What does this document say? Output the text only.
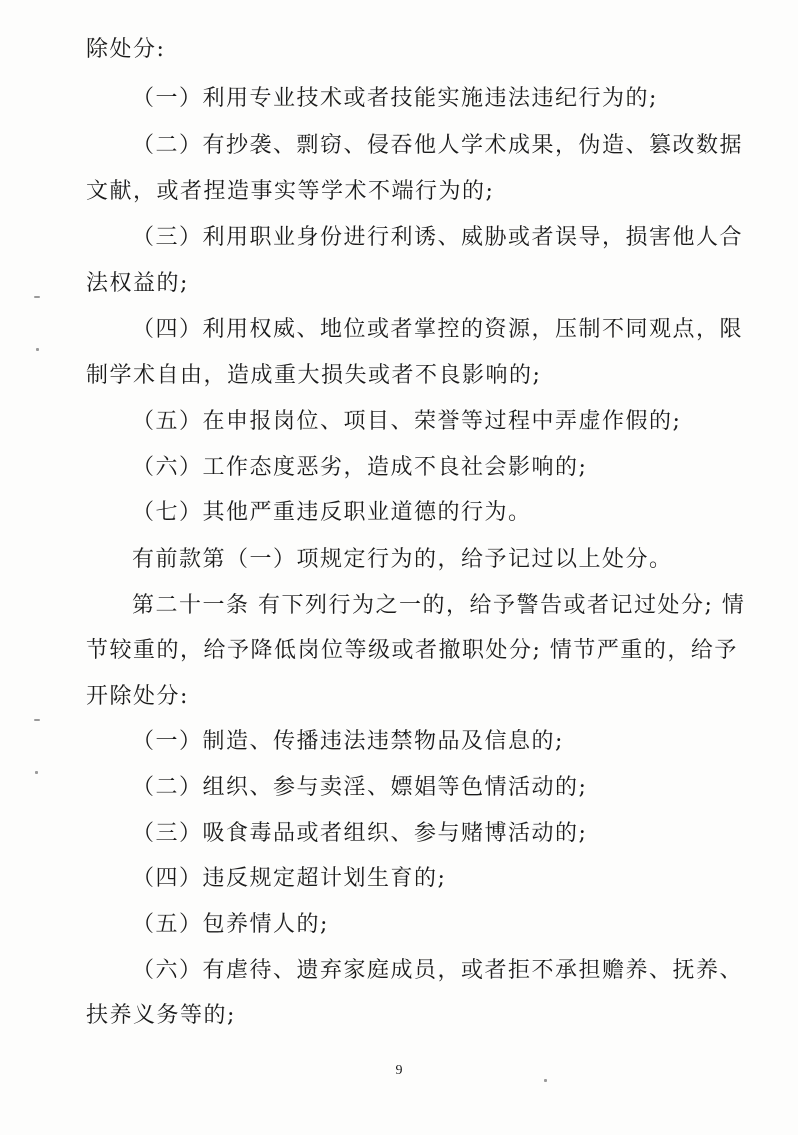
除处分:
（一）利用专业技术或者技能实施违法违纪行为的;
（二）有抄袭、剽窃、侵吞他人学术成果，伪造、篡改数据
文献，或者捏造事实等学术不端行为的;
（三）利用职业身份进行利诱、威胁或者误导，损害他人合
法权益的;
（四）利用权威、地位或者掌控的资源，压制不同观点，限
制学术自由，造成重大损失或者不良影响的;
（五）在申报岗位、项目、荣誉等过程中弄虚作假的;
（六）工作态度恶劣，造成不良社会影响的;
（七）其他严重违反职业道德的行为。
有前款第（一）项规定行为的，给予记过以上处分。
第二十一条 有下列行为之一的，给予警告或者记过处分; 情
节较重的，给予降低岗位等级或者撤职处分; 情节严重的，给予
开除处分:
（一）制造、传播违法违禁物品及信息的;
（二）组织、参与卖淫、嫖娼等色情活动的;
（三）吸食毒品或者组织、参与赌博活动的;
（四）违反规定超计划生育的;
（五）包养情人的;
（六）有虐待、遗弃家庭成员，或者拒不承担赡养、抚养、
扶养义务等的;
9
